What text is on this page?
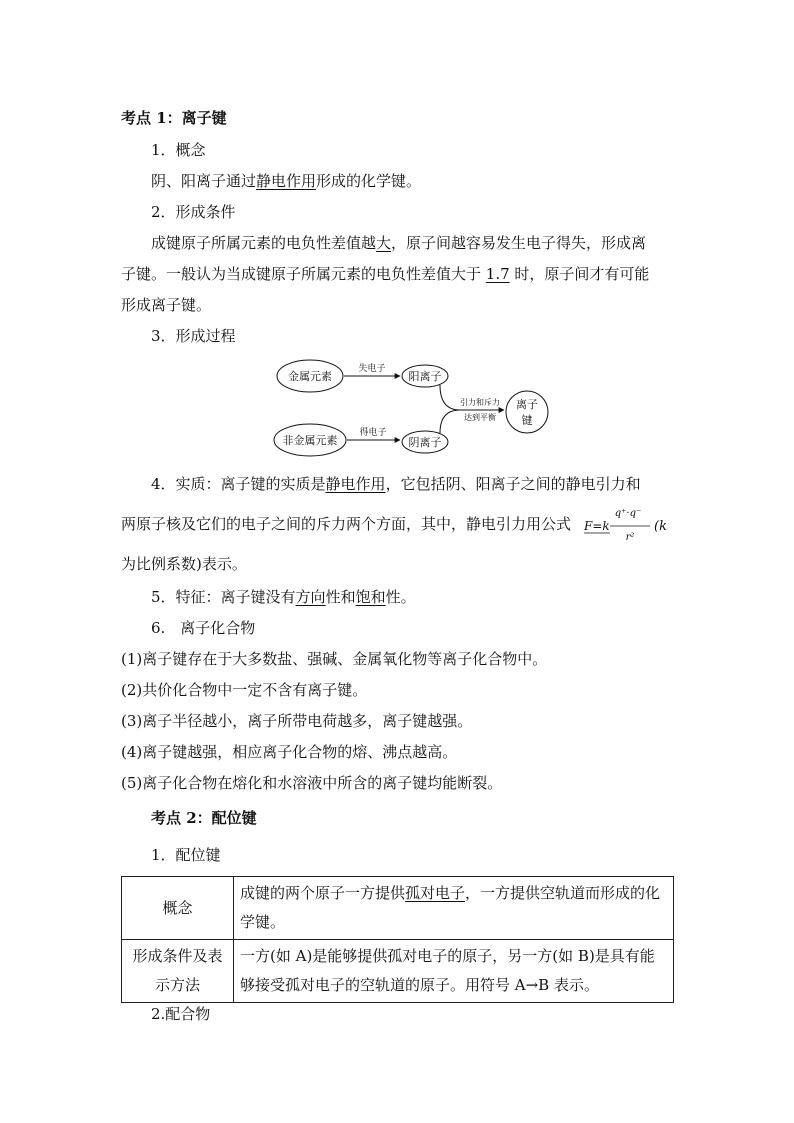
考点 1：离子键
1．概念
阴、阳离子通过静电作用形成的化学键。
2．形成条件
成键原子所属元素的电负性差值越大，原子间越容易发生电子得失，形成离
子键。一般认为当成键原子所属元素的电负性差值大于 1.7 时，原子间才有可能
形成离子键。
3．形成过程
金属元素
非金属元素
失电子
得电子
阳离子
阴离子
引力和斥力
达到平衡
离子
键
4．实质：离子键的实质是静电作用，它包括阴、阳离子之间的静电引力和
两原子核及它们的电子之间的斥力两个方面，其中，静电引力用公式 F=k
q⁺·q⁻
r²
(k
为比例系数)表示。
5．特征：离子键没有方向性和饱和性。
6.　离子化合物
(1)离子键存在于大多数盐、强碱、金属氧化物等离子化合物中。
(2)共价化合物中一定不含有离子键。
(3)离子半径越小，离子所带电荷越多，离子键越强。
(4)离子键越强，相应离子化合物的熔、沸点越高。
(5)离子化合物在熔化和水溶液中所含的离子键均能断裂。
考点 2：配位键
1．配位键
概念	成键的两个原子一方提供孤对电子，一方提供空轨道而形成的化学键。
形成条件及表示方法	一方(如 A)是能够提供孤对电子的原子，另一方(如 B)是具有能够接受孤对电子的空轨道的原子。用符号 A→B 表示。
2.配合物
